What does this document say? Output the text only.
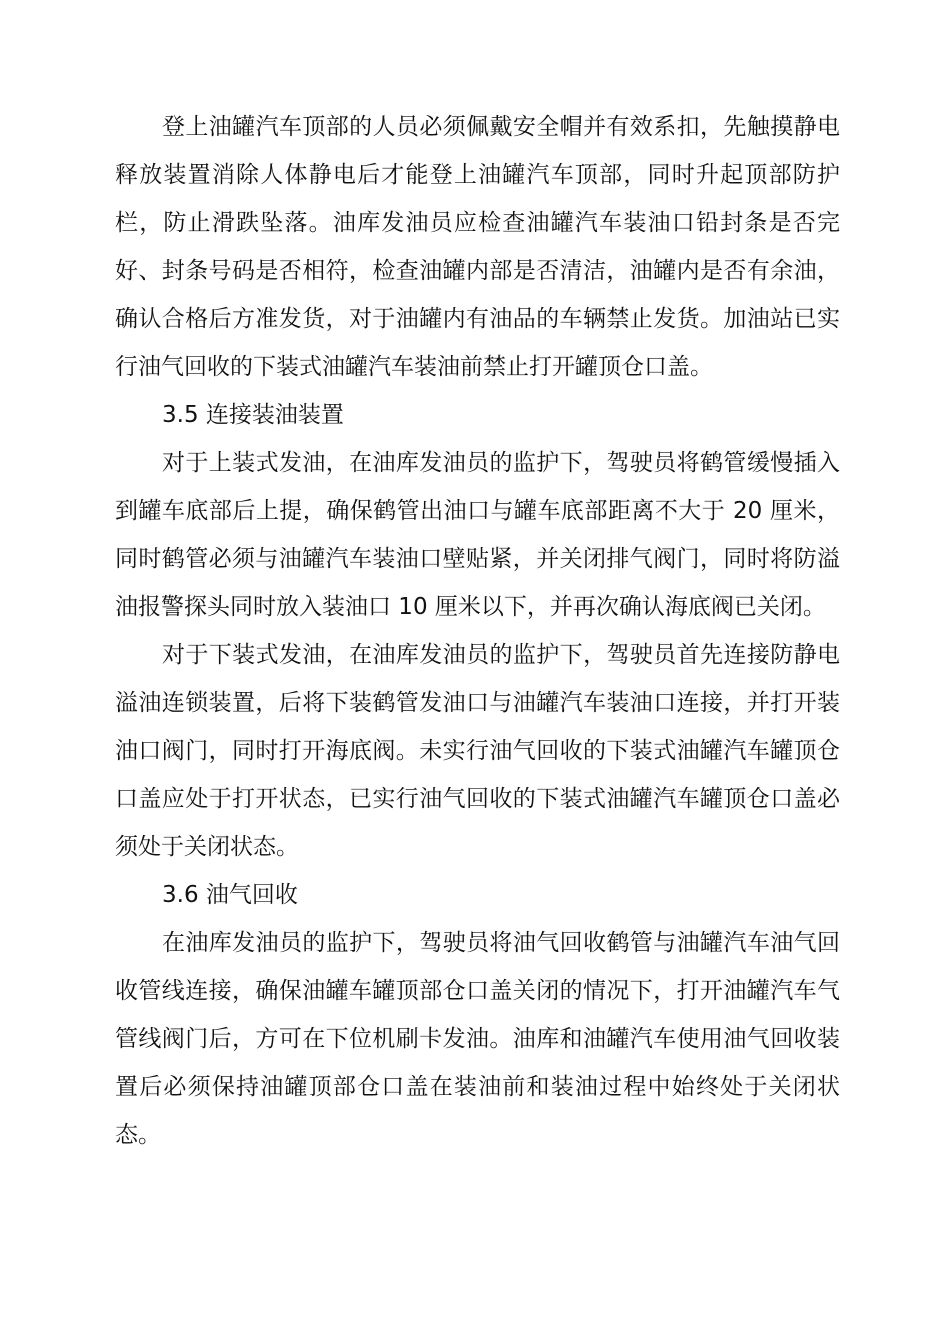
登上油罐汽车顶部的人员必须佩戴安全帽并有效系扣，先触摸静电释放装置消除人体静电后才能登上油罐汽车顶部，同时升起顶部防护栏，防止滑跌坠落。油库发油员应检查油罐汽车装油口铅封条是否完好、封条号码是否相符，检查油罐内部是否清洁，油罐内是否有余油，确认合格后方准发货，对于油罐内有油品的车辆禁止发货。加油站已实行油气回收的下装式油罐汽车装油前禁止打开罐顶仓口盖。

3.5 连接装油装置

对于上装式发油，在油库发油员的监护下，驾驶员将鹤管缓慢插入到罐车底部后上提，确保鹤管出油口与罐车底部距离不大于 20 厘米，同时鹤管必须与油罐汽车装油口壁贴紧，并关闭排气阀门，同时将防溢油报警探头同时放入装油口 10 厘米以下，并再次确认海底阀已关闭。

对于下装式发油，在油库发油员的监护下，驾驶员首先连接防静电溢油连锁装置，后将下装鹤管发油口与油罐汽车装油口连接，并打开装油口阀门，同时打开海底阀。未实行油气回收的下装式油罐汽车罐顶仓口盖应处于打开状态，已实行油气回收的下装式油罐汽车罐顶仓口盖必须处于关闭状态。

3.6 油气回收

在油库发油员的监护下，驾驶员将油气回收鹤管与油罐汽车油气回收管线连接，确保油罐车罐顶部仓口盖关闭的情况下，打开油罐汽车气管线阀门后，方可在下位机刷卡发油。油库和油罐汽车使用油气回收装置后必须保持油罐顶部仓口盖在装油前和装油过程中始终处于关闭状态。
